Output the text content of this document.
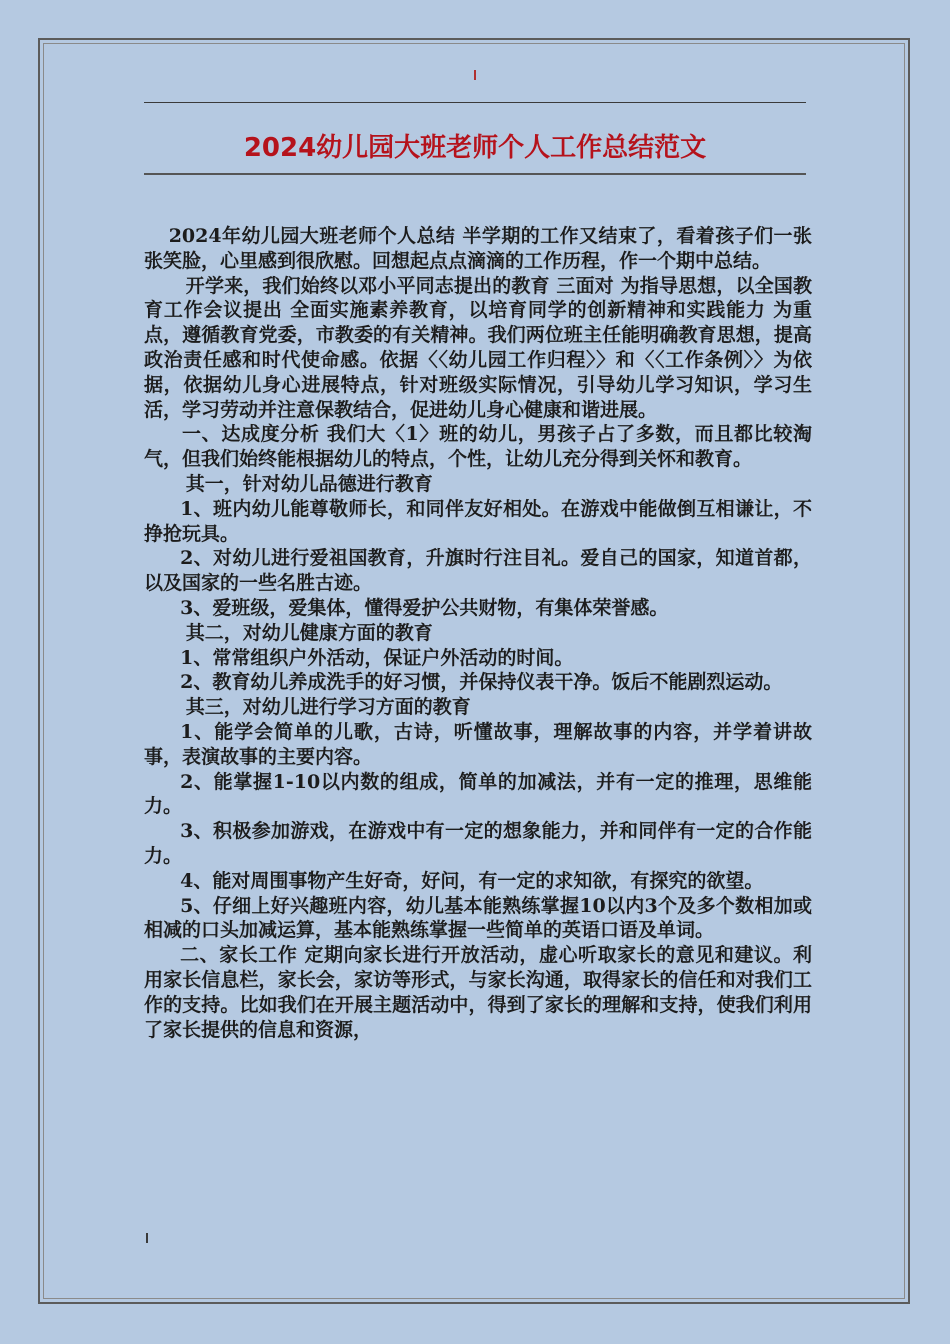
2024幼儿园大班老师个人工作总结范文

2024年幼儿园大班老师个人总结 半学期的工作又结束了，看着孩子们一张张笑脸，心里感到很欣慰。回想起点点滴滴的工作历程，作一个期中总结。

开学来，我们始终以邓小平同志提出的教育 三面对 为指导思想，以全国教育工作会议提出 全面实施素养教育，以培育同学的创新精神和实践能力 为重点，遵循教育党委，市教委的有关精神。我们两位班主任能明确教育思想，提高政治责任感和时代使命感。依据〈〈幼儿园工作归程〉〉和〈〈工作条例〉〉为依据，依据幼儿身心进展特点，针对班级实际情况，引导幼儿学习知识，学习生活，学习劳动并注意保教结合，促进幼儿身心健康和谐进展。

一、达成度分析 我们大〈1〉班的幼儿，男孩子占了多数，而且都比较淘气，但我们始终能根据幼儿的特点，个性，让幼儿充分得到关怀和教育。

其一，针对幼儿品德进行教育

1、班内幼儿能尊敬师长，和同伴友好相处。在游戏中能做倒互相谦让，不挣抢玩具。

2、对幼儿进行爱祖国教育，升旗时行注目礼。爱自己的国家，知道首都，以及国家的一些名胜古迹。

3、爱班级，爱集体，懂得爱护公共财物，有集体荣誉感。

其二，对幼儿健康方面的教育

1、常常组织户外活动，保证户外活动的时间。

2、教育幼儿养成洗手的好习惯，并保持仪表干净。饭后不能剧烈运动。

其三，对幼儿进行学习方面的教育

1、能学会简单的儿歌，古诗，听懂故事，理解故事的内容，并学着讲故事，表演故事的主要内容。

2、能掌握1-10以内数的组成，简单的加减法，并有一定的推理，思维能力。

3、积极参加游戏，在游戏中有一定的想象能力，并和同伴有一定的合作能力。

4、能对周围事物产生好奇，好问，有一定的求知欲，有探究的欲望。

5、仔细上好兴趣班内容，幼儿基本能熟练掌握10以内3个及多个数相加或相减的口头加减运算，基本能熟练掌握一些简单的英语口语及单词。

二、家长工作 定期向家长进行开放活动，虚心听取家长的意见和建议。利用家长信息栏，家长会，家访等形式，与家长沟通，取得家长的信任和对我们工作的支持。比如我们在开展主题活动中，得到了家长的理解和支持，使我们利用了家长提供的信息和资源，
